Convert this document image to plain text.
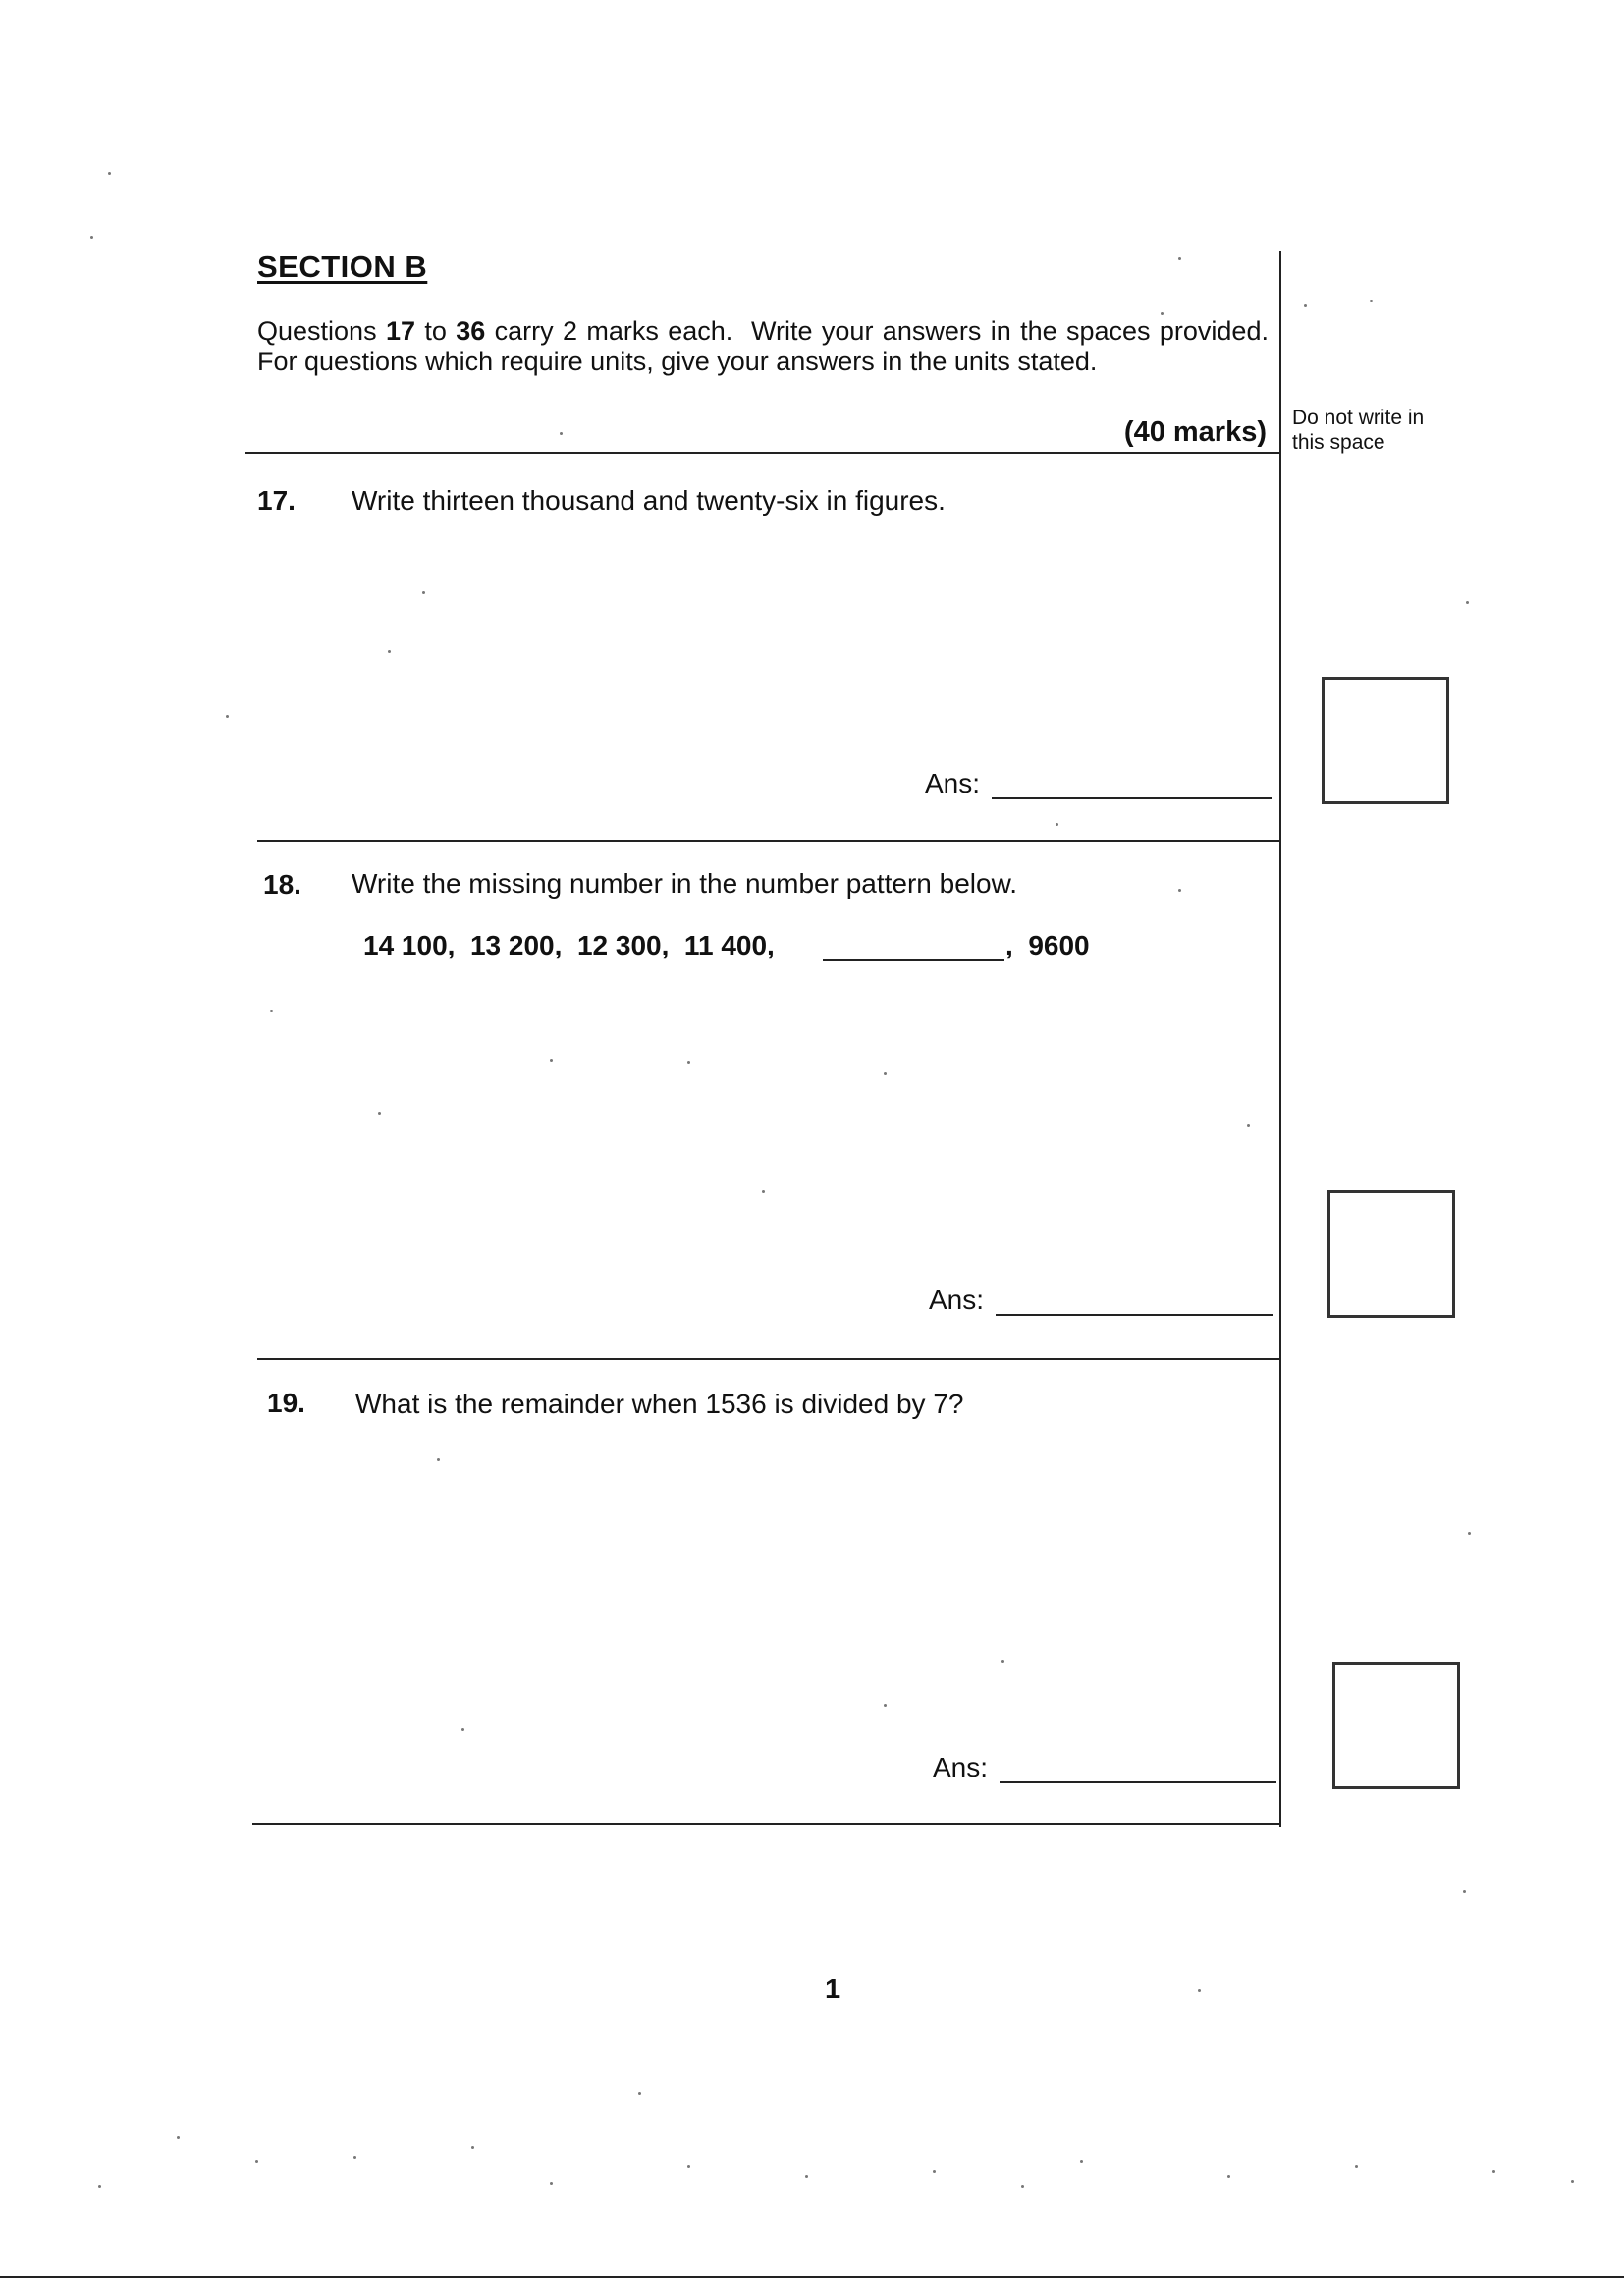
SECTION B
Questions 17 to 36 carry 2 marks each.  Write your answers in the spaces provided. For questions which require units, give your answers in the units stated.
(40 marks) Do not write in this space
17. Write thirteen thousand and twenty-six in figures.
Ans:
18. Write the missing number in the number pattern below.
14 100,  13 200,  12 300,  11 400,	,  9600
Ans:
19. What is the remainder when 1536 is divided by 7?
Ans:
1
